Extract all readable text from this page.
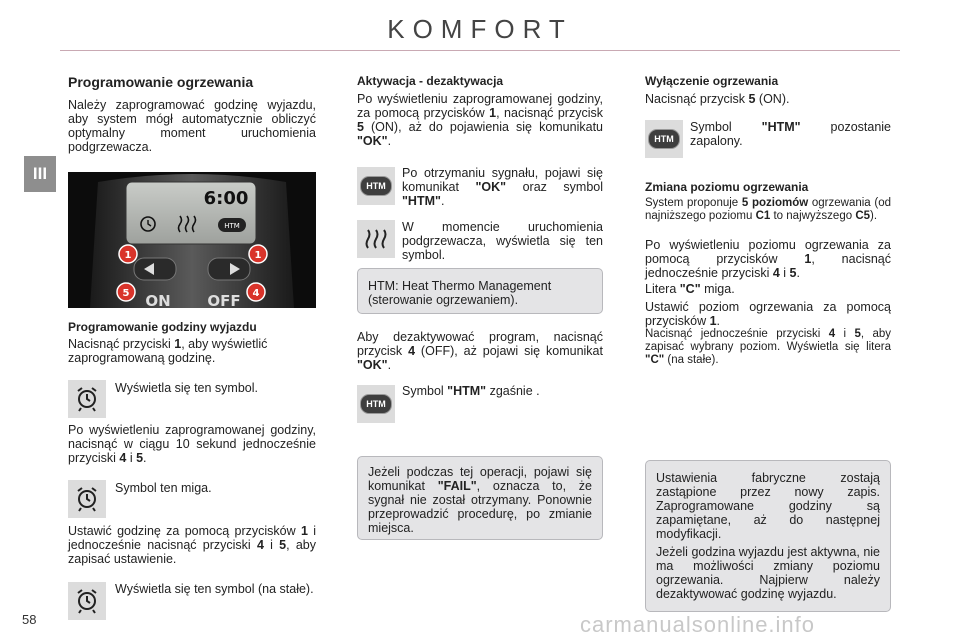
KOMFORT
III
58
Programowanie ogrzewania

Należy zaprogramować godzinę wyjazdu, aby system mógł automatycznie obliczyć optymalny moment uruchomienia podgrzewacza.

6:00
HTM
ON OFF
1	1
5	4
Programowanie godziny wyjazdu

Nacisnąć przyciski 1, aby wyświetlić zaprogramowaną godzinę.

Wyświetla się ten symbol.

Po wyświetleniu zaprogramowanej godziny, nacisnąć w ciągu 10 sekund jednocześnie przyciski 4 i 5.

Symbol ten miga.

Ustawić godzinę za pomocą przycisków 1 i jednocześnie nacisnąć przyciski 4 i 5, aby zapisać ustawienie.

Wyświetla się ten symbol (na stałe).

Aktywacja - dezaktywacja

Po wyświetleniu zaprogramowanej godziny, za pomocą przycisków 1, nacisnąć przycisk 5 (ON), aż do pojawienia się komunikatu "OK".

HTM

Po otrzymaniu sygnału, pojawi się komunikat "OK" oraz symbol "HTM".

W momencie uruchomienia podgrzewacza, wyświetla się ten symbol.

HTM: Heat Thermo Management (sterowanie ogrzewaniem).

Aby dezaktywować program, nacisnąć przycisk 4 (OFF), aż pojawi się komunikat "OK".

HTM

Symbol "HTM" zgaśnie .

Jeżeli podczas tej operacji, pojawi się komunikat "FAIL", oznacza to, że sygnał nie został otrzymany. Ponownie przeprowadzić procedurę, po zmianie miejsca.

Wyłączenie ogrzewania

Nacisnąć przycisk 5 (ON).

HTM

Symbol "HTM" pozostanie zapalony.

Zmiana poziomu ogrzewania

System proponuje 5 poziomów ogrzewania (od najniższego poziomu C1 to najwyższego C5).

Po wyświetleniu poziomu ogrzewania za pomocą przycisków 1, nacisnąć jednocześnie przyciski 4 i 5.

Litera "C" miga.

Ustawić poziom ogrzewania za pomocą przycisków 1.

Nacisnąć jednocześnie przyciski 4 i 5, aby zapisać wybrany poziom. Wyświetla się litera "C" (na stałe).

Ustawienia fabryczne zostają zastąpione przez nowy zapis. Zaprogramowane godziny są zapamiętane, aż do następnej modyfikacji.

Jeżeli godzina wyjazdu jest aktywna, nie ma możliwości zmiany poziomu ogrzewania. Najpierw należy dezaktywować godzinę wyjazdu.

carmanualsonline.info
